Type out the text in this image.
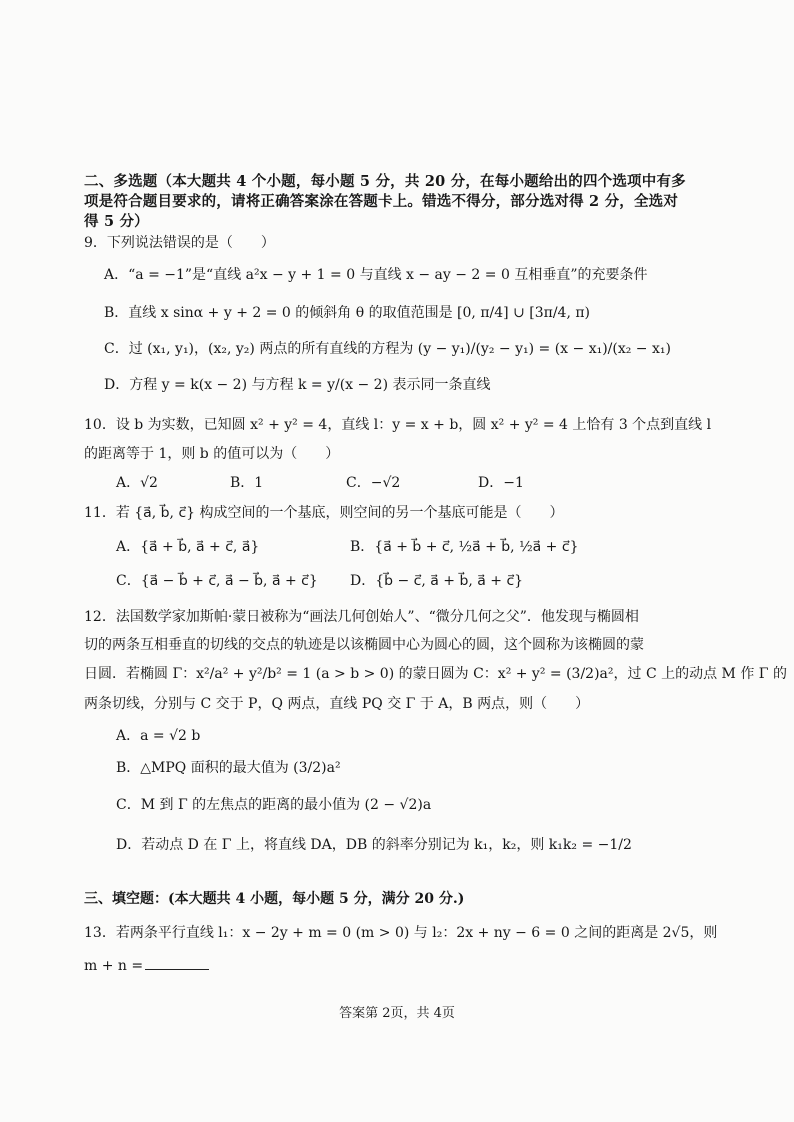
二、多选题（本大题共 4 个小题，每小题 5 分，共 20 分，在每小题给出的四个选项中有多
项是符合题目要求的，请将正确答案涂在答题卡上。错选不得分，部分选对得 2 分，全选对
得 5 分）
9．下列说法错误的是（　　）
A．“a = −1”是“直线 a²x − y + 1 = 0 与直线 x − ay − 2 = 0 互相垂直”的充要条件
B．直线 x sinα + y + 2 = 0 的倾斜角 θ 的取值范围是 [0, π/4] ∪ [3π/4, π)
C．过 (x₁, y₁)，(x₂, y₂) 两点的所有直线的方程为 (y − y₁)/(y₂ − y₁) = (x − x₁)/(x₂ − x₁)
D．方程 y = k(x − 2) 与方程 k = y/(x − 2) 表示同一条直线
10．设 b 为实数，已知圆 x² + y² = 4，直线 l：y = x + b，圆 x² + y² = 4 上恰有 3 个点到直线 l
的距离等于 1，则 b 的值可以为（　　）
A．√2	B．1	C．−√2	D．−1
11．若 {a⃗, b⃗, c⃗} 构成空间的一个基底，则空间的另一个基底可能是（　　）
A．{a⃗ + b⃗, a⃗ + c⃗, a⃗}	B．{a⃗ + b⃗ + c⃗, ½a⃗ + b⃗, ½a⃗ + c⃗}
C．{a⃗ − b⃗ + c⃗, a⃗ − b⃗, a⃗ + c⃗} D．{b⃗ − c⃗, a⃗ + b⃗, a⃗ + c⃗}
12．法国数学家加斯帕·蒙日被称为“画法几何创始人”、“微分几何之父”．他发现与椭圆相
切的两条互相垂直的切线的交点的轨迹是以该椭圆中心为圆心的圆，这个圆称为该椭圆的蒙
日圆．若椭圆 Γ：x²/a² + y²/b² = 1 (a > b > 0) 的蒙日圆为 C：x² + y² = (3/2)a²，过 C 上的动点 M 作 Γ 的
两条切线，分别与 C 交于 P，Q 两点，直线 PQ 交 Γ 于 A，B 两点，则（　　）
A．a = √2 b
B．△MPQ 面积的最大值为 (3/2)a²
C．M 到 Γ 的左焦点的距离的最小值为 (2 − √2)a
D．若动点 D 在 Γ 上，将直线 DA，DB 的斜率分别记为 k₁，k₂，则 k₁k₂ = −1/2
三、填空题：(本大题共 4 小题，每小题 5 分，满分 20 分.)
13．若两条平行直线 l₁：x − 2y + m = 0 (m > 0) 与 l₂：2x + ny − 6 = 0 之间的距离是 2√5，则
m + n =
答案第 2页，共 4页
